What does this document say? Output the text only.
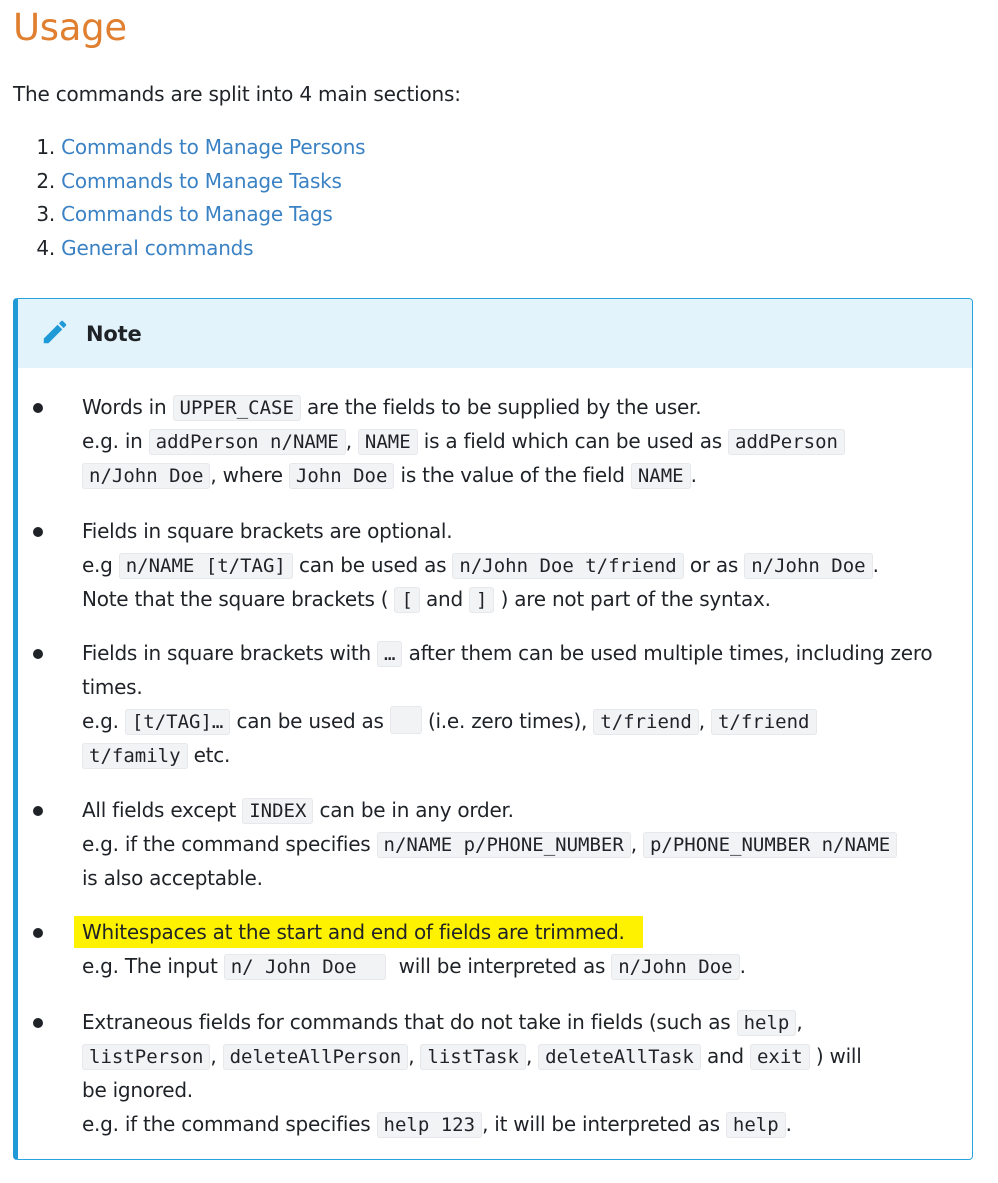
Usage
The commands are split into 4 main sections:
1.
Commands to Manage Persons
2.
Commands to Manage Tasks
3.
Commands to Manage Tags
4.
General commands
Note
Words in UPPER_CASE are the fields to be supplied by the user.
e.g. in addPerson n/NAME , NAME is a field which can be used as addPerson
n/John Doe , where John Doe is the value of the field NAME .
Fields in square brackets are optional.
e.g n/NAME [t/TAG] can be used as n/John Doe t/friend or as n/John Doe .
Note that the square brackets ( [ and ] ) are not part of the syntax.
Fields in square brackets with … after them can be used multiple times, including zero
times.
e.g. [t/TAG]… can be used as  (i.e. zero times), t/friend , t/friend
t/family etc.
All fields except INDEX can be in any order.
e.g. if the command specifies n/NAME p/PHONE_NUMBER , p/PHONE_NUMBER n/NAME
is also acceptable.
Whitespaces at the start and end of fields are trimmed.
e.g. The input n/ John Doe    will be interpreted as n/John Doe .
Extraneous fields for commands that do not take in fields (such as help ,
listPerson , deleteAllPerson , listTask , deleteAllTask and exit ) will
be ignored.
e.g. if the command specifies help 123 , it will be interpreted as help .
